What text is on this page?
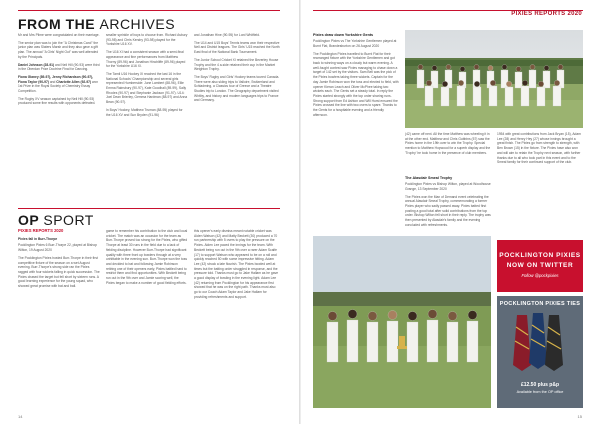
FROM THE ARCHIVES

Mr and Mrs Plime were congratulated on their marriage.

The senior plan was to join the "A Christmas Carol" the junior plan was Slaters Marsh and they also gave a gift plan. The annual "A Girls' Night Out" was well attended by the Principals.

Daniel Johnson (28-91) and Neil Hill (90-93) were third in the Oberdan Prize Doctrine Final for Dancing.

Fiona Glaney (89-97), Jenny Richardson (90-97), Fiona Taylor (90-97) and Charlotte Allen (92-97) won 1st Prize in the Royal Society of Chemistry Essay Competition.

The Rugby XV season captained by Neil Hill (90-93) produced some fine results with opponents defeated.

smaller sprinkle of boys to choose from. Richard Asbury (93-98) and Chris Kendry (93-98) played for the Yorkshire U16 XV.

The U16 XI had a consistent season with a semi-final appearance and fine performances from Matthew Thorny (89-96) and Jonathan Hinchliffe (89-96) played for the Yorkshire U16 XI.

The Tamil U16 Hockey XI reached the last 16 in the National Schools' Championship and several girls represented Humberside: June Lambert (88-96), Ellie Emma Rainsbury (90-97), Kate Goodhall (89-99), Sally Rhodes (90-97) and Stephanie Jackson (91-97). U14: Joel Dean Brierley, Gemma Hardman (88-97) and Anna Bean (90-97).

In Boys' Hockey, Matthew Truman (88-95) played for the U16 XV and Sun Bryden (91-96)

and Jonathan Hine (90-95) for Lord Whitfield.

The U14 and U15 Boys' Tennis teams won their respective Nell and District leagues. The Girls' U15 reached the North East final of the National Bank Tournament.

The Junior School Cricket XI retained the Beverley House Trophy and the 4 a-side retained their cup in the Market Weighton Trophy.

The Boys' Rugby and Girls' Hockey teams toured Canada. There were also skiing trips to Valloire, Switzerland and Schladming, a Classics tour of Greece and a Theatre Studies trip to London. The Geography department visited Whitby, and history and modern languages trips to France and Germany.

OP SPORT

PIXIES REPORTS 2020

Pixies fall in Burr-Thorpe

Pocklington Pixies 6 Burr-Thorpe 22, played at Bishop Wilton, 19 August 2020

The Pocklington Pixies hosted Burr-Thorpe in their first competitive fixture of the season on a wet August evening. Burr-Thorpe's strong side ran the Pixies ragged with four wickets falling in quick succession. The Pixies chased the target but fell short by sixteen runs. A good learning experience for the young squad, who showed great promise with bat and ball.

game to remember his contribution to the club and local cricket. The match was an occasion for the team as Burr-Thorpe proved too strong for the Pixies, who gifted Thorpe at least 30 runs in the field due to a lack of fielding discipline. However Burr-Thorpe had significant quality with three front up bowlers through at a very unhittable in the evening sun. Burr-Thorpe won the toss and decided to bat and following Jamie Robinson retiring one of their openers early, Pixies battled hard to restrict them and find opportunities. With Beckett being run out in the 9th over and Jamie scoring well, the Pixies began to make a number of good fielding efforts.

this opener's early dismiss meant notable cricket was Aiden Watson (42) and Matty Beckett (30) produced a 70 run partnership with 5 overs to play the pressure on the Pixies. Aiden Lee paced the innings for the team. With Beckett being run out in the 9th over a rarer Adam Scaife (17) to support Watson who appeared to be on a roll and quickly reached 50 with some impressive hitting. Adam Lee (42) struck a late flourish. The Pixies bowled well at times but the batting order struggled in response, and the pressure told. Thanks must go to Jake Hallam as he gave a good display of bowling in the evening light. Adam Lee (42) returning from Pocklington for his appearance first showed that he was on the right path. Thanks must also go to our Coach Adam Taylor and Jake Hallam for providing refreshments and support.

14
PIXIES REPORTS 2020

Pixies draw down Yorkshire Gents

Pocklington Pixies vs The Yorkshire Gentlemen played at Burnt Flat, Brandesburton on 26 August 2020

The Pocklington Pixies travelled to Burnt Flat for their rearranged fixture with the Yorkshire Gentlemen and got back to winning ways on a cloudy but warm evening. A well-fought contest saw Pixies managing to chase down a target of 142 set by the visitors. Sam Bell was the pick of the Pixies bowlers taking three wickets. Captain for the day Jamie Robinson won the toss and elected to field, with opener Kieran Leach and Oliver McPhee taking two wickets each. The Gents set a steady total. In reply the Pixies started strongly with the top order sharing runs. Strong support from Ed Ashton and Will Hurst ensured the Pixies crossed the line with two overs to spare. Thanks to the Gents for a hospitable evening and a friendly afternoon.

(42) came off next. All the time Matthew was wheeling it in at the other end. Matthew and Chris Gubbins (57) saw the Pixies home in the 19th over to win the Trophy. Special mention to Matthew Hopwood for a superb display and the 'Trophy' he took home in the presence of club members.

The Alasdair Smeal Trophy

Pocklington Pixies vs Bishop Wilton, played at Woodhouse Grange, 13 September 2020

The Pixies won the Man of Demand event celebrating the annual Alasdair Smeal Trophy, commemorating a former Pixies player who sadly passed away. Pixies batted first posting a good total after solid contributions from the top order. Bishop Wilton fell short in their reply. The trophy was then presented by Alasdair's family and the evening concluded with refreshments.

1954 with great contributions from Jack Bryan (15), Adam Lee (28) and Henry Hey (27) whose innings brought a great finish. The Pixies go from strength to strength, with Ben Brown (15) in the fixture. The Pixies have also won and will aim to retain the Trophy next season, with further thanks due to all who took part in this event and to the Smeal family for their continued support of the club.

POCKLINGTON PIXIES
NOW ON TWITTER
Follow @pockpixies
POCKLINGTON PIXIES TIES
£12.50 plus p&p
Available from the OP office
15
